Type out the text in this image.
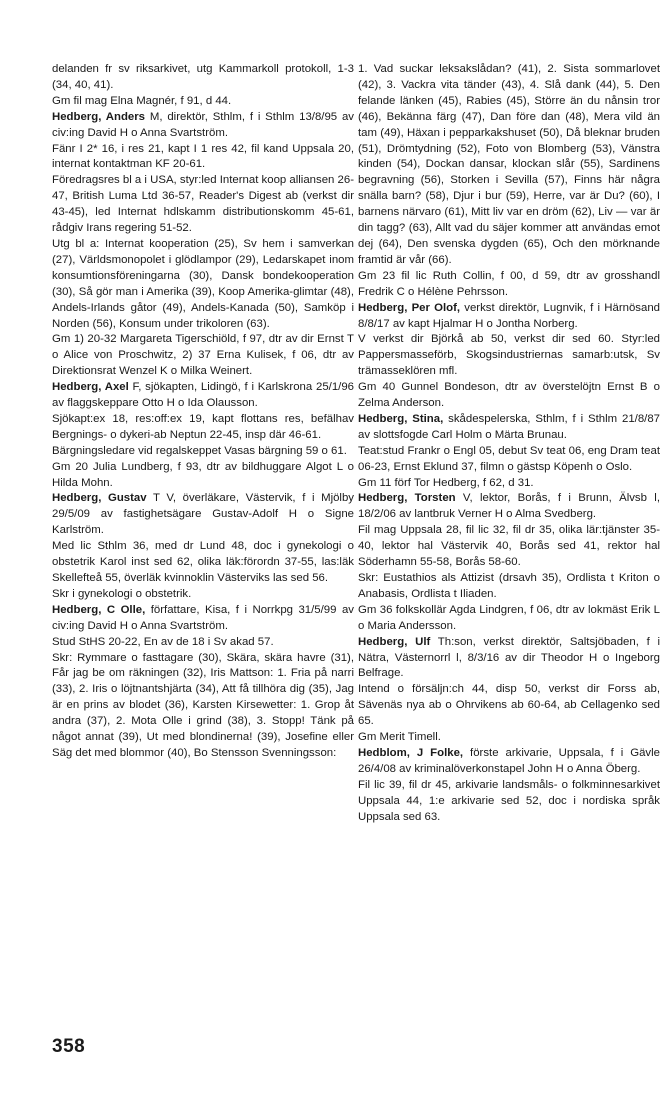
delanden fr sv riksarkivet, utg Kammarkoll protokoll, 1-3 (34, 40, 41).

Gm fil mag Elna Magnér, f 91, d 44.

Hedberg, Anders M, direktör, Sthlm, f i Sthlm 13/8/95 av civ:ing David H o Anna Svartström.

Fänr I 2* 16, i res 21, kapt I 1 res 42, fil kand Uppsala 20, internat kontaktman KF 20-61.

Föredragsres bl a i USA, styr:led Internat koop alliansen 26-47, British Luma Ltd 36-57, Reader's Digest ab (verkst dir 43-45), led Internat hdlskamm distributionskomm 45-61, rådgiv Irans regering 51-52.

Utg bl a: Internat kooperation (25), Sv hem i samverkan (27), Världsmonopolet i glödlampor (29), Ledarskapet inom konsumtionsföreningarna (30), Dansk bondekooperation (30), Så gör man i Amerika (39), Koop Amerika-glimtar (48), Andels-Irlands gåtor (49), Andels-Kanada (50), Samköp i Norden (56), Konsum under trikoloren (63).

Gm 1) 20-32 Margareta Tigerschiöld, f 97, dtr av dir Ernst T o Alice von Proschwitz, 2) 37 Erna Kulisek, f 06, dtr av Direktionsrat Wenzel K o Milka Weinert.

Hedberg, Axel F, sjökapten, Lidingö, f i Karlskrona 25/1/96 av flaggskeppare Otto H o Ida Olausson.

Sjökapt:ex 18, res:off:ex 19, kapt flottans res, befälhav Bergnings- o dykeri-ab Neptun 22-45, insp där 46-61.

Bärgningsledare vid regalskeppet Vasas bärgning 59 o 61.

Gm 20 Julia Lundberg, f 93, dtr av bildhuggare Algot L o Hilda Mohn.

Hedberg, Gustav T V, överläkare, Västervik, f i Mjölby 29/5/09 av fastighetsägare Gustav-Adolf H o Signe Karlström.

Med lic Sthlm 36, med dr Lund 48, doc i gynekologi o obstetrik Karol inst sed 62, olika läk:förordn 37-55, las:läk Skellefteå 55, överläk kvinnoklin Västerviks las sed 56.

Skr i gynekologi o obstetrik.

Hedberg, C Olle, författare, Kisa, f i Norrkpg 31/5/99 av civ:ing David H o Anna Svartström.

Stud StHS 20-22, En av de 18 i Sv akad 57.

Skr: Rymmare o fasttagare (30), Skära, skära havre (31), Får jag be om räkningen (32), Iris Mattson: 1. Fria på narri (33), 2. Iris o löjtnantshjärta (34), Att få tillhöra dig (35), Jag är en prins av blodet (36), Karsten Kirsewetter: 1. Grop åt andra (37), 2. Mota Olle i grind (38), 3. Stopp! Tänk på något annat (39), Ut med blondinerna! (39), Josefine eller Säg det med blommor (40), Bo Stensson Svenningsson:

1. Vad suckar leksakslådan? (41), 2. Sista sommarlovet (42), 3. Vackra vita tänder (43), 4. Slå dank (44), 5. Den felande länken (45), Rabies (45), Större än du nånsin tror (46), Bekänna färg (47), Dan före dan (48), Mera vild än tam (49), Häxan i pepparkakshuset (50), Då bleknar bruden (51), Drömtydning (52), Foto von Blomberg (53), Vänstra kinden (54), Dockan dansar, klockan slår (55), Sardinens begravning (56), Storken i Sevilla (57), Finns här några snälla barn? (58), Djur i bur (59), Herre, var är Du? (60), I barnens närvaro (61), Mitt liv var en dröm (62), Liv — var är din tagg? (63), Allt vad du säjer kommer att användas emot dej (64), Den svenska dygden (65), Och den mörknande framtid är vår (66).

Gm 23 fil lic Ruth Collin, f 00, d 59, dtr av grosshandl Fredrik C o Hélène Pehrsson.

Hedberg, Per Olof, verkst direktör, Lugnvik, f i Härnösand 8/8/17 av kapt Hjalmar H o Jontha Norberg.

V verkst dir Björkå ab 50, verkst dir sed 60. Styr:led Pappersmasseförb, Skogsindustriernas samarb:utsk, Sv trämasseklören mfl.

Gm 40 Gunnel Bondeson, dtr av överstelöjtn Ernst B o Zelma Anderson.

Hedberg, Stina, skådespelerska, Sthlm, f i Sthlm 21/8/87 av slottsfogde Carl Holm o Märta Brunau.

Teat:stud Frankr o Engl 05, debut Sv teat 06, eng Dram teat 06-23, Ernst Eklund 37, filmn o gästsp Köpenh o Oslo.

Gm 11 förf Tor Hedberg, f 62, d 31.

Hedberg, Torsten V, lektor, Borås, f i Brunn, Älvsb l, 18/2/06 av lantbruk Verner H o Alma Svedberg.

Fil mag Uppsala 28, fil lic 32, fil dr 35, olika lär:tjänster 35-40, lektor hal Västervik 40, Borås sed 41, rektor hal Söderhamn 55-58, Borås 58-60.

Skr: Eustathios als Attizist (drsavh 35), Ordlista t Kriton o Anabasis, Ordlista t Iliaden.

Gm 36 folkskollär Agda Lindgren, f 06, dtr av lokmäst Erik L o Maria Andersson.

Hedberg, Ulf Th:son, verkst direktör, Saltsjöbaden, f i Nätra, Västernorrl l, 8/3/16 av dir Theodor H o Ingeborg Belfrage.

Intend o försäljn:ch 44, disp 50, verkst dir Forss ab, Sävenäs nya ab o Ohrvikens ab 60-64, ab Cellagenko sed 65.

Gm Merit Timell.

Hedblom, J Folke, förste arkivarie, Uppsala, f i Gävle 26/4/08 av kriminalöverkonstapel John H o Anna Öberg.

Fil lic 39, fil dr 45, arkivarie landsmåls- o folkminnesarkivet Uppsala 44, 1:e arkivarie sed 52, doc i nordiska språk Uppsala sed 63.

358
